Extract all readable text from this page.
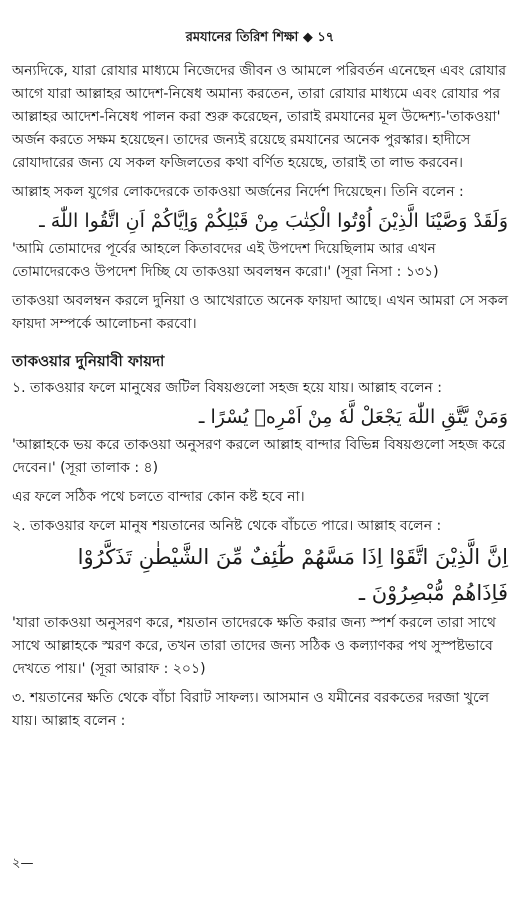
রমযানের তিরিশ শিক্ষা ◆ ১৭

অন্যদিকে, যারা রোযার মাধ্যমে নিজেদের জীবন ও আমলে পরিবর্তন এনেছেন এবং রোযার আগে যারা আল্লাহর আদেশ-নিষেধ অমান্য করতেন, তারা রোযার মাধ্যমে এবং রোযার পর আল্লাহর আদেশ-নিষেধ পালন করা শুরু করেছেন, তারাই রমযানের মূল উদ্দেশ্য-'তাকওয়া' অর্জন করতে সক্ষম হয়েছেন। তাদের জন্যই রয়েছে রমযানের অনেক পুরস্কার। হাদীসে রোযাদারের জন্য যে সকল ফজিলতের কথা বর্ণিত হয়েছে, তারাই তা লাভ করবেন।

আল্লাহ সকল যুগের লোকদেরকে তাকওয়া অর্জনের নির্দেশ দিয়েছেন। তিনি বলেন :

وَلَقَدْ وَصَّيْنَا الَّذِيْنَ اُوْتُوا الْكِتٰبَ مِنْ قَبْلِكُمْ وَاِيَّاكُمْ اَنِ اتَّقُوا اللّٰهَ ـ

'আমি তোমাদের পূর্বের আহলে কিতাবদের এই উপদেশ দিয়েছিলাম আর এখন তোমাদেরকেও উপদেশ দিচ্ছি যে তাকওয়া অবলম্বন করো।' (সূরা নিসা : ১৩১)

তাকওয়া অবলম্বন করলে দুনিয়া ও আখেরাতে অনেক ফায়দা আছে। এখন আমরা সে সকল ফায়দা সম্পর্কে আলোচনা করবো।

তাকওয়ার দুনিয়াবী ফায়দা

১. তাকওয়ার ফলে মানুষের জটিল বিষয়গুলো সহজ হয়ে যায়। আল্লাহ বলেন :

وَمَنْ يَّتَّقِ اللّٰهَ يَجْعَلْ لَّهٗ مِنْ اَمْرِهٖ يُسْرًا ـ

'আল্লাহকে ভয় করে তাকওয়া অনুসরণ করলে আল্লাহ বান্দার বিভিন্ন বিষয়গুলো সহজ করে দেবেন।' (সূরা তালাক : ৪)

এর ফলে সঠিক পথে চলতে বান্দার কোন কষ্ট হবে না।

২. তাকওয়ার ফলে মানুষ শয়তানের অনিষ্ট থেকে বাঁচতে পারে। আল্লাহ বলেন :

اِنَّ الَّذِيْنَ اتَّقَوْا اِذَا مَسَّهُمْ طٰٓئِفٌ مِّنَ الشَّيْطٰنِ تَذَكَّرُوْا

فَاِذَاهُمْ مُّبْصِرُوْنَ ـ

'যারা তাকওয়া অনুসরণ করে, শয়তান তাদেরকে ক্ষতি করার জন্য স্পর্শ করলে তারা সাথে সাথে আল্লাহকে স্মরণ করে, তখন তারা তাদের জন্য সঠিক ও কল্যাণকর পথ সুস্পষ্টভাবে দেখতে পায়।' (সূরা আরাফ : ২০১)

৩. শয়তানের ক্ষতি থেকে বাঁচা বিরাট সাফল্য। আসমান ও যমীনের বরকতের দরজা খুলে যায়। আল্লাহ বলেন :

২—
